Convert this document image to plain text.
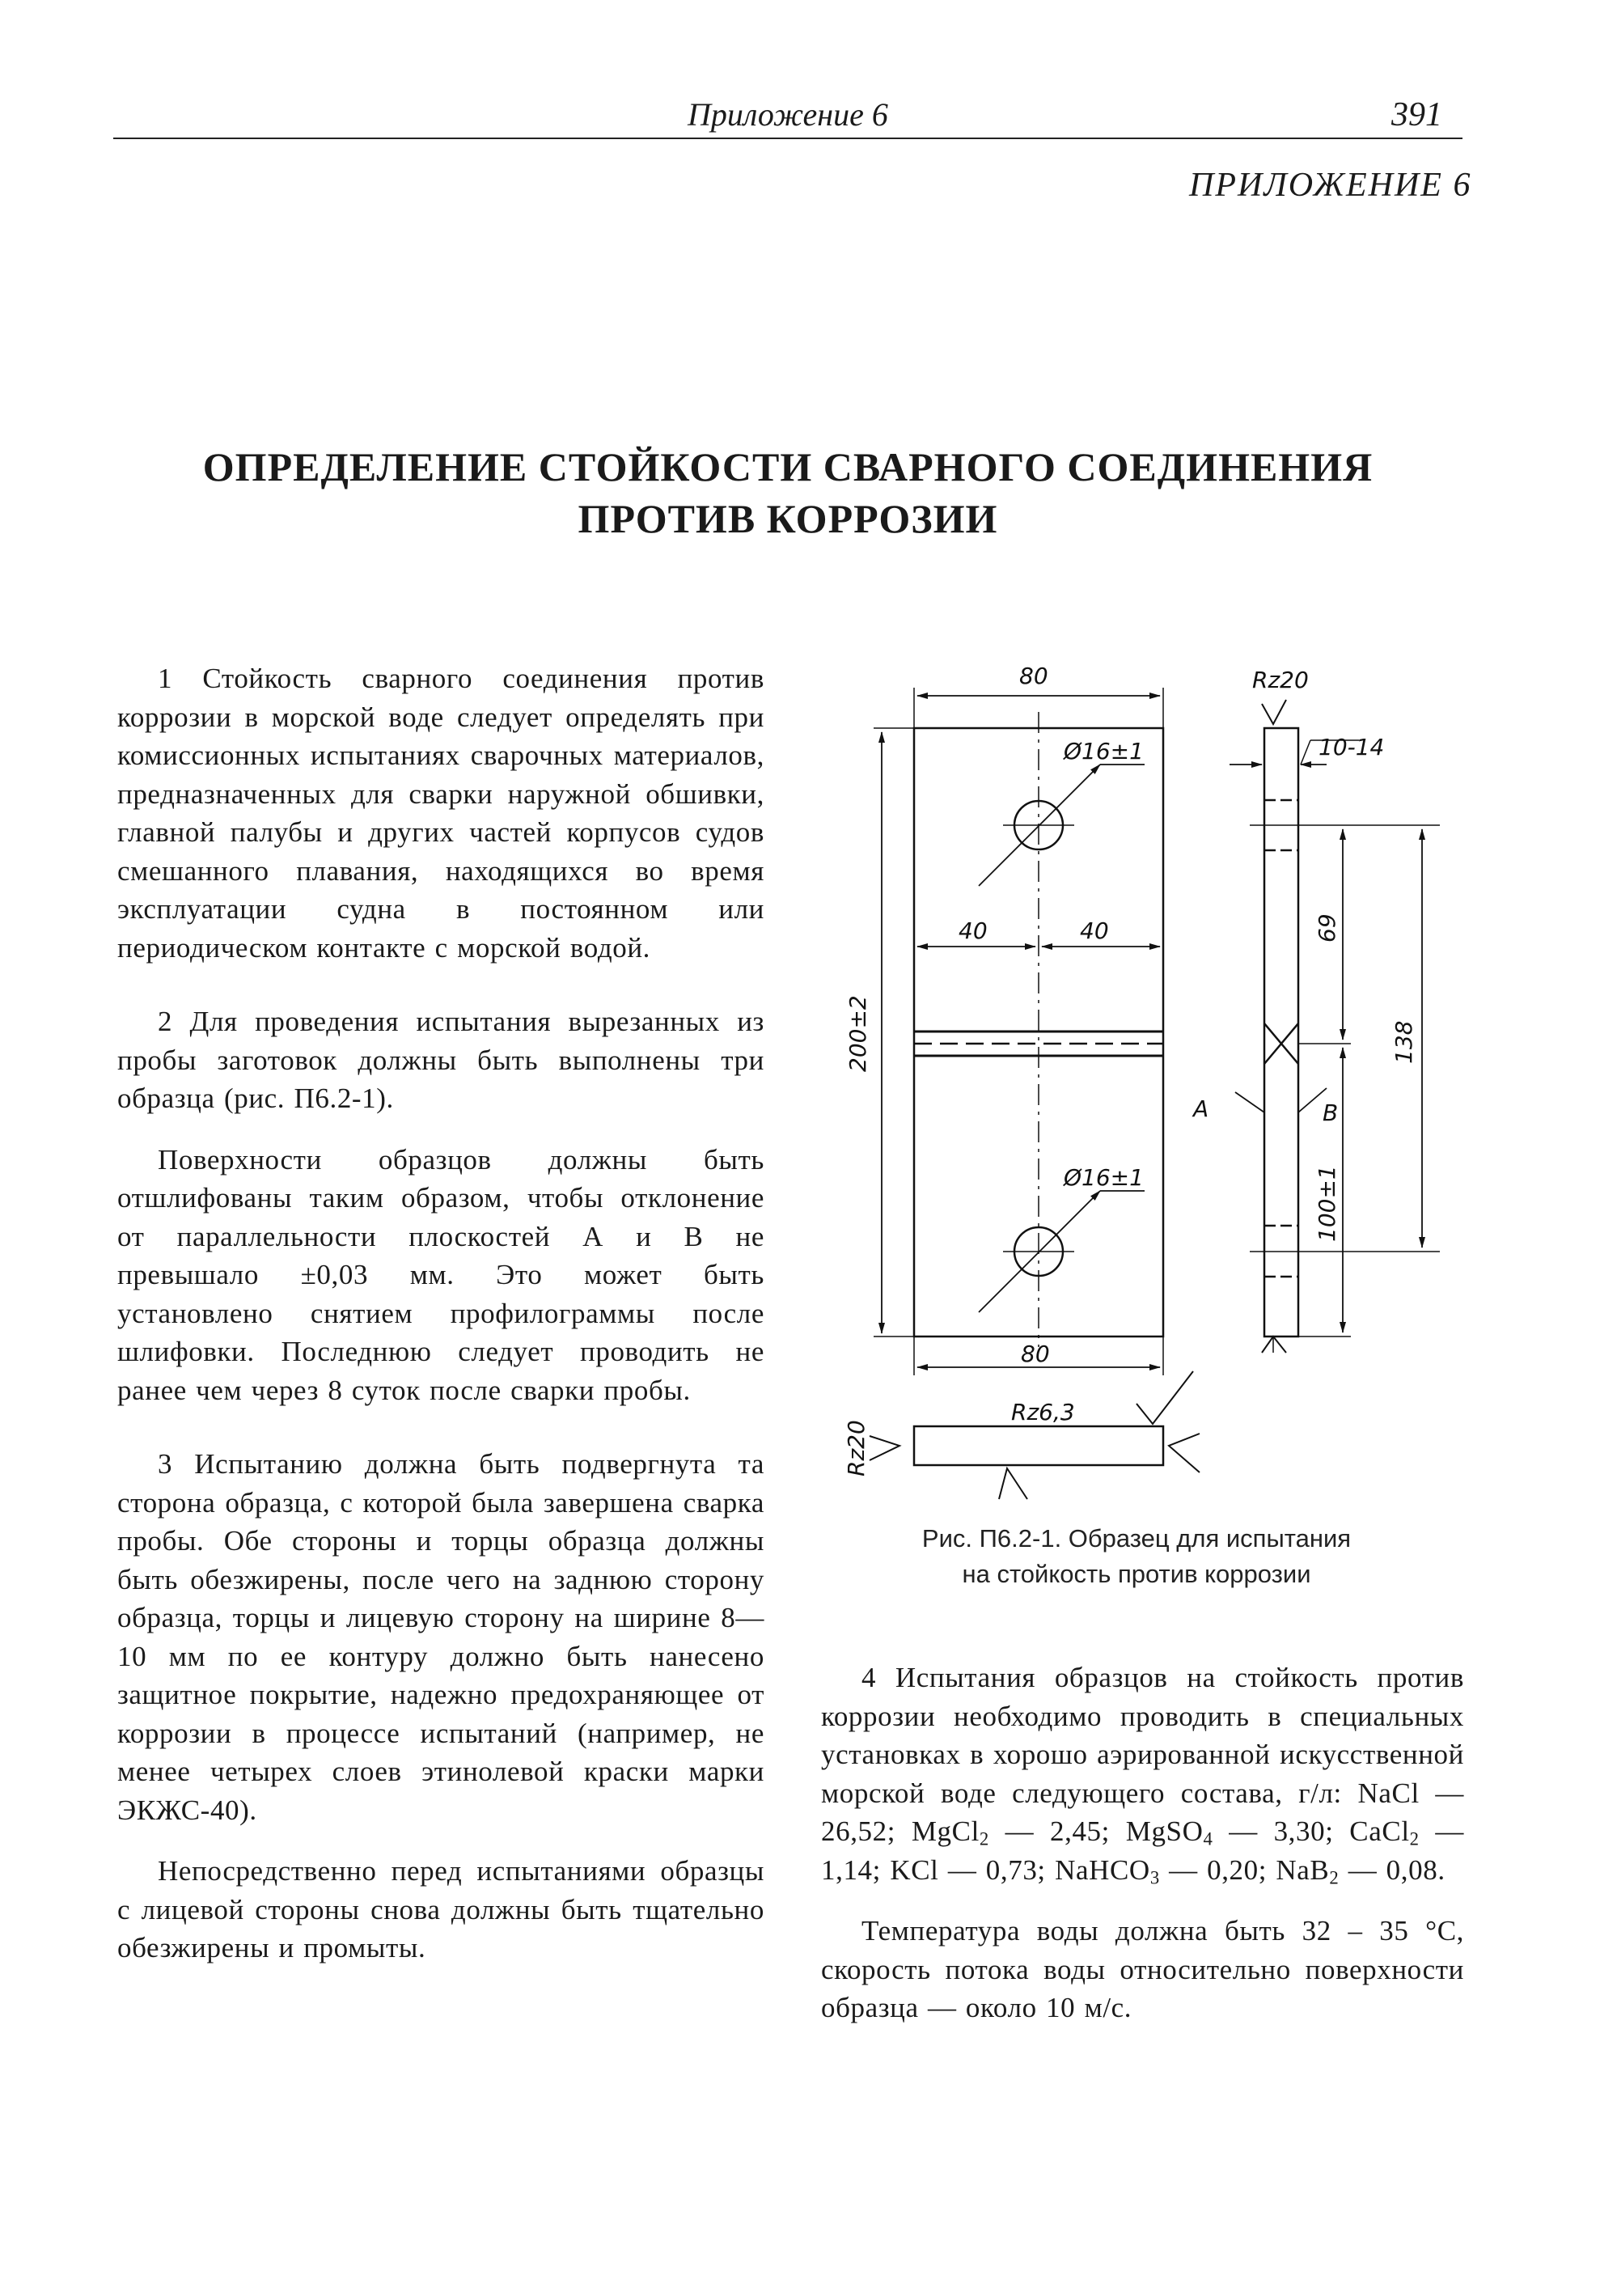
Приложение 6	391
ПРИЛОЖЕНИЕ 6
ОПРЕДЕЛЕНИЕ СТОЙКОСТИ СВАРНОГО СОЕДИНЕНИЯ
ПРОТИВ КОРРОЗИИ

1 Стойкость сварного соединения против коррозии в морской воде следует определять при комиссионных испытаниях сварочных материалов, предназначенных для сварки наружной обшивки, главной палубы и других частей корпусов судов смешанного плавания, находящихся во время эксплуатации судна в постоянном или периодическом контакте с морской водой.

2 Для проведения испытания вырезанных из пробы заготовок должны быть выполнены три образца (рис. П6.2-1).

Поверхности образцов должны быть отшлифованы таким образом, чтобы отклонение от параллельности плоскостей А и В не превышало ±0,03 мм. Это может быть установлено снятием профилограммы после шлифовки. Последнюю следует проводить не ранее чем через 8 суток после сварки пробы.

3 Испытанию должна быть подвергнута та сторона образца, с которой была завершена сварка пробы. Обе стороны и торцы образца должны быть обезжирены, после чего на заднюю сторону образца, торцы и лицевую сторону на ширине 8—10 мм по ее контуру должно быть нанесено защитное покрытие, надежно предохраняющее от коррозии в процессе испытаний (например, не менее четырех слоев этинолевой краски марки ЭКЖС-40).

Непосредственно перед испытаниями образцы с лицевой стороны снова должны быть тщательно обезжирены и промыты.

80
Ø16±1
40	40
Ø16±1
80
Rz6,3
Rz20
10-14
А	В
200±2
69
138
100±1
Rz20
Рис. П6.2-1. Образец для испытания
на стойкость против коррозии

4 Испытания образцов на стойкость против коррозии необходимо проводить в специальных установках в хорошо аэрированной искусственной морской воде следующего состава, г/л: NaCl — 26,52; MgCl$_2$ — 2,45; MgSO$_4$ — 3,30; CaCl$_2$ — 1,14; KCl — 0,73; NaHCO$_3$ — 0,20; NaB$_2$ — 0,08.

Температура воды должна быть 32 – 35 °C, скорость потока воды относительно поверхности образца — около 10 м/с.
